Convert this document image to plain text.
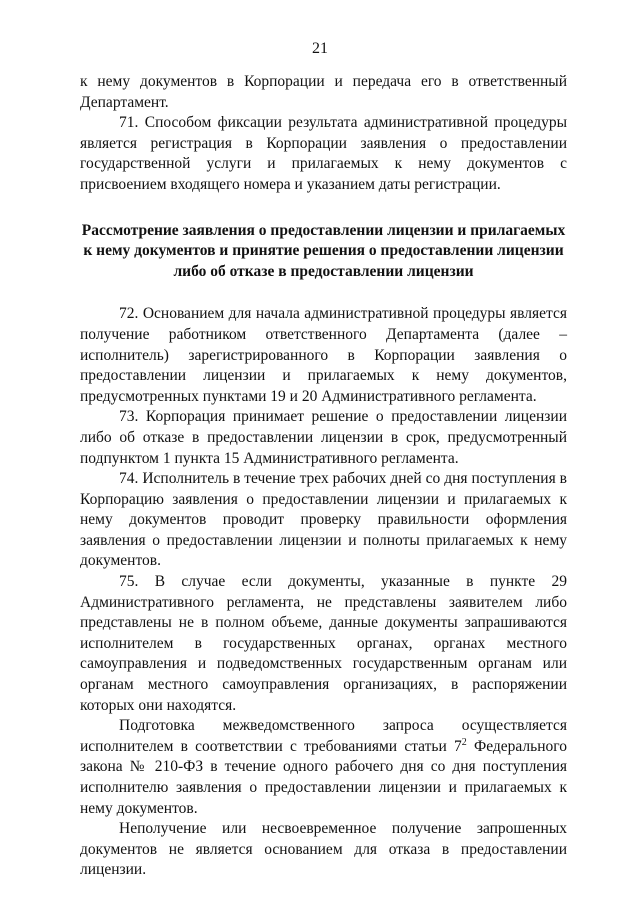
21

к нему документов в Корпорации и передача его в ответственный Департамент.

71. Способом фиксации результата административной процедуры является регистрация в Корпорации заявления о предоставлении государственной услуги и прилагаемых к нему документов с присвоением входящего номера и указанием даты регистрации.

Рассмотрение заявления о предоставлении лицензии и прилагаемых к нему документов и принятие решения о предоставлении лицензии либо об отказе в предоставлении лицензии

72. Основанием для начала административной процедуры является получение работником ответственного Департамента (далее – исполнитель) зарегистрированного в Корпорации заявления о предоставлении лицензии и прилагаемых к нему документов, предусмотренных пунктами 19 и 20 Административного регламента.

73. Корпорация принимает решение о предоставлении лицензии либо об отказе в предоставлении лицензии в срок, предусмотренный подпунктом 1 пункта 15 Административного регламента.

74. Исполнитель в течение трех рабочих дней со дня поступления в Корпорацию заявления о предоставлении лицензии и прилагаемых к нему документов проводит проверку правильности оформления заявления о предоставлении лицензии и полноты прилагаемых к нему документов.

75. В случае если документы, указанные в пункте 29 Административного регламента, не представлены заявителем либо представлены не в полном объеме, данные документы запрашиваются исполнителем в государственных органах, органах местного самоуправления и подведомственных государственным органам или органам местного самоуправления организациях, в распоряжении которых они находятся.

Подготовка межведомственного запроса осуществляется исполнителем в соответствии с требованиями статьи $7^2$ Федерального закона № 210-ФЗ в течение одного рабочего дня со дня поступления исполнителю заявления о предоставлении лицензии и прилагаемых к нему документов.

Неполучение или несвоевременное получение запрошенных документов не является основанием для отказа в предоставлении лицензии.
